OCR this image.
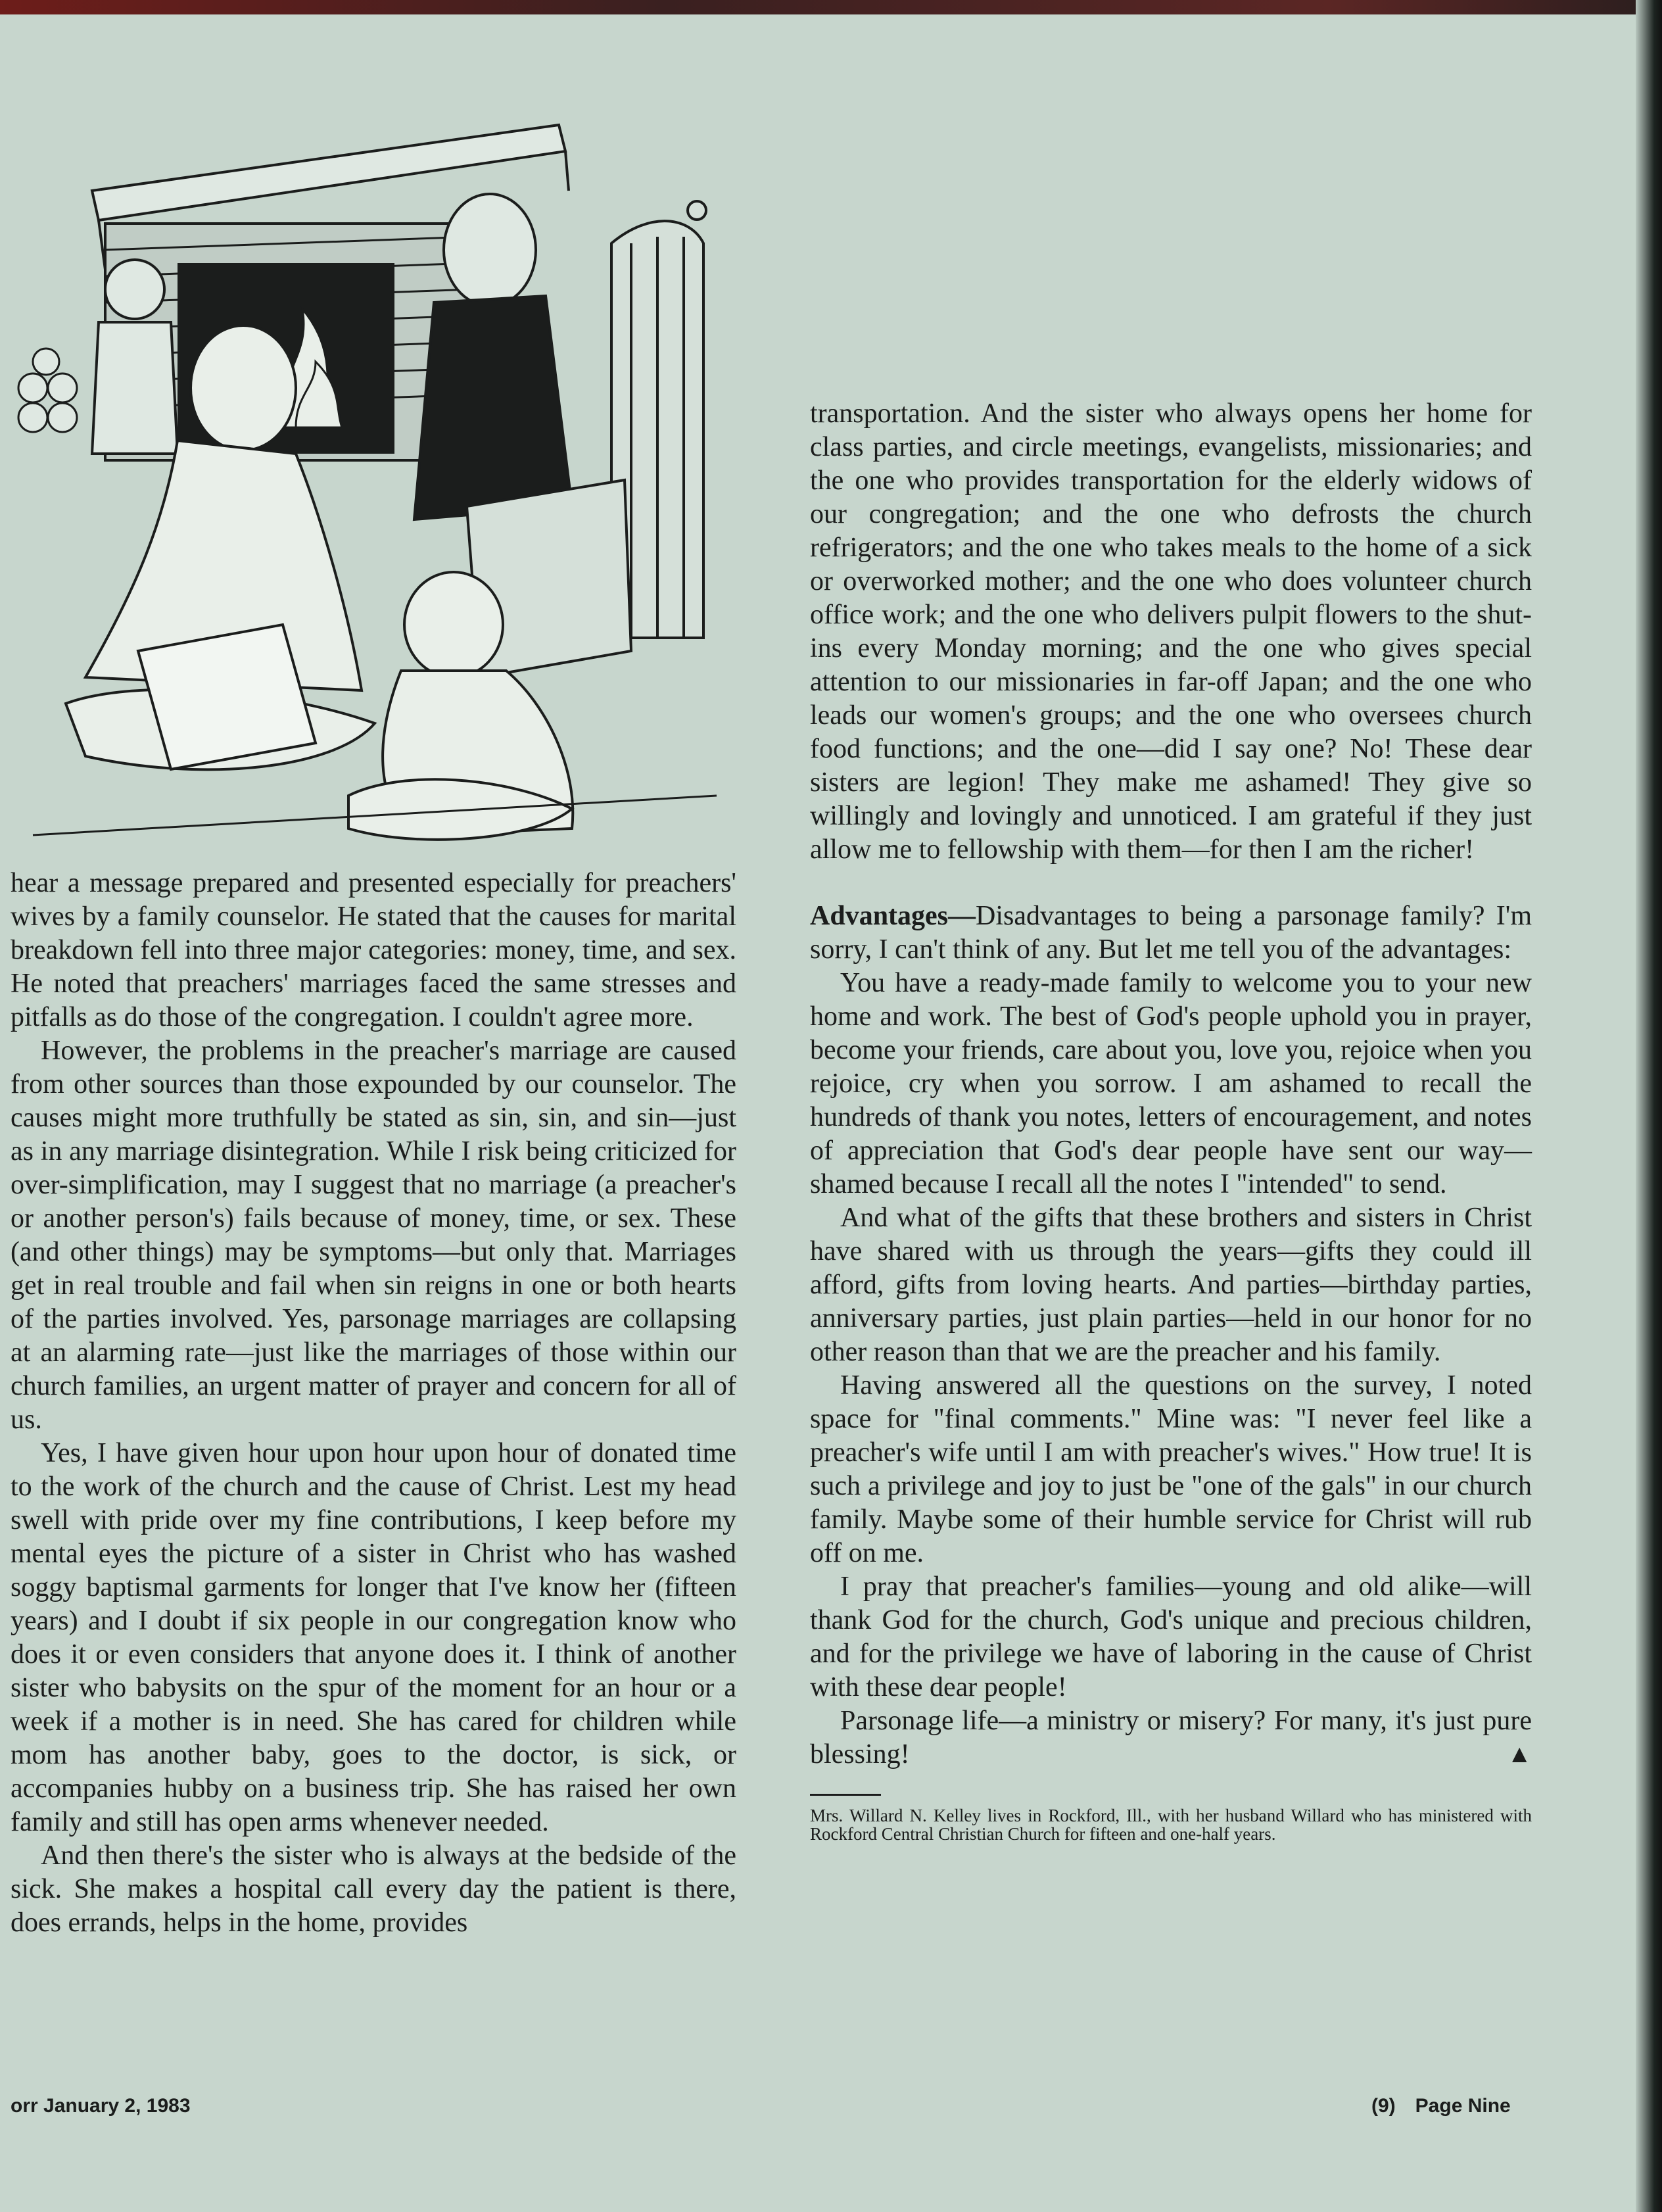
hear a message prepared and presented especially for preachers' wives by a family counselor. He stated that the causes for marital breakdown fell into three major categories: money, time, and sex. He noted that preachers' marriages faced the same stresses and pitfalls as do those of the congregation. I couldn't agree more.

However, the problems in the preacher's marriage are caused from other sources than those expounded by our counselor. The causes might more truthfully be stated as sin, sin, and sin—just as in any marriage disintegration. While I risk being criticized for over-simplification, may I suggest that no marriage (a preacher's or another person's) fails because of money, time, or sex. These (and other things) may be symptoms—but only that. Marriages get in real trouble and fail when sin reigns in one or both hearts of the parties involved. Yes, parsonage marriages are collapsing at an alarming rate—just like the marriages of those within our church families, an urgent matter of prayer and concern for all of us.

Yes, I have given hour upon hour upon hour of donated time to the work of the church and the cause of Christ. Lest my head swell with pride over my fine contributions, I keep before my mental eyes the picture of a sister in Christ who has washed soggy baptismal garments for longer that I've know her (fifteen years) and I doubt if six people in our congregation know who does it or even considers that anyone does it. I think of another sister who babysits on the spur of the moment for an hour or a week if a mother is in need. She has cared for children while mom has another baby, goes to the doctor, is sick, or accompanies hubby on a business trip. She has raised her own family and still has open arms whenever needed.

And then there's the sister who is always at the bedside of the sick. She makes a hospital call every day the patient is there, does errands, helps in the home, provides

transportation. And the sister who always opens her home for class parties, and circle meetings, evangelists, missionaries; and the one who provides transportation for the elderly widows of our congregation; and the one who defrosts the church refrigerators; and the one who takes meals to the home of a sick or overworked mother; and the one who does volunteer church office work; and the one who delivers pulpit flowers to the shut-ins every Monday morning; and the one who gives special attention to our missionaries in far-off Japan; and the one who leads our women's groups; and the one who oversees church food functions; and the one—did I say one? No! These dear sisters are legion! They make me ashamed! They give so willingly and lovingly and unnoticed. I am grateful if they just allow me to fellowship with them—for then I am the richer!

Advantages—Disadvantages to being a parsonage family? I'm sorry, I can't think of any. But let me tell you of the advantages:

You have a ready-made family to welcome you to your new home and work. The best of God's people uphold you in prayer, become your friends, care about you, love you, rejoice when you rejoice, cry when you sorrow. I am ashamed to recall the hundreds of thank you notes, letters of encouragement, and notes of appreciation that God's dear people have sent our way—shamed because I recall all the notes I "intended" to send.

And what of the gifts that these brothers and sisters in Christ have shared with us through the years—gifts they could ill afford, gifts from loving hearts. And parties—birthday parties, anniversary parties, just plain parties—held in our honor for no other reason than that we are the preacher and his family.

Having answered all the questions on the survey, I noted space for "final comments." Mine was: "I never feel like a preacher's wife until I am with preacher's wives." How true! It is such a privilege and joy to just be "one of the gals" in our church family. Maybe some of their humble service for Christ will rub off on me.

I pray that preacher's families—young and old alike—will thank God for the church, God's unique and precious children, and for the privilege we have of laboring in the cause of Christ with these dear people!

Parsonage life—a ministry or misery? For many, it's just pure blessing!	▲

Mrs. Willard N. Kelley lives in Rockford, Ill., with her husband Willard who has ministered with Rockford Central Christian Church for fifteen and one-half years.

orr January 2, 1983	(9) Page Nine
